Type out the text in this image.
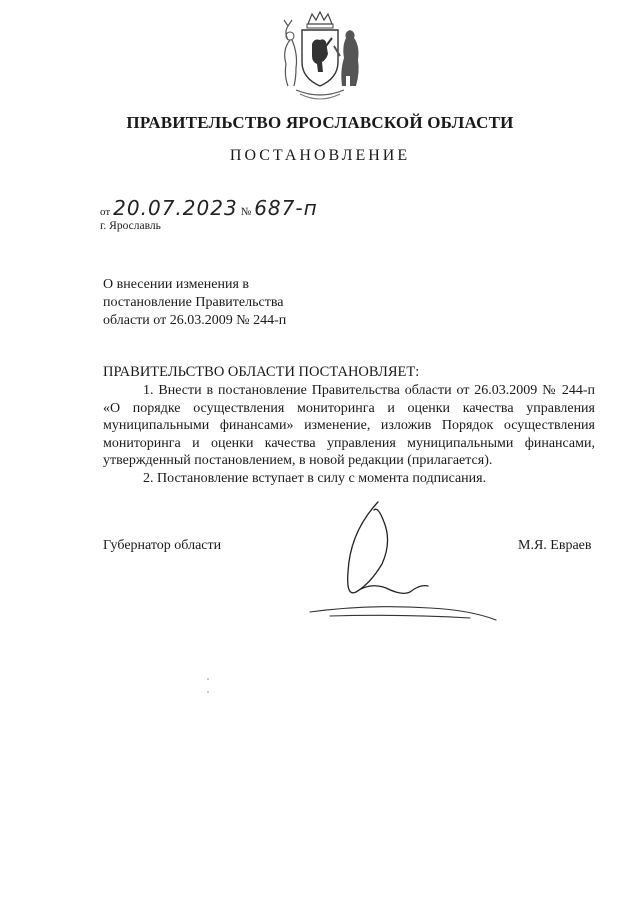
ПРАВИТЕЛЬСТВО ЯРОСЛАВСКОЙ ОБЛАСТИ
ПОСТАНОВЛЕНИЕ
от 20.07.2023 № 687-п
г. Ярославль
О внесении изменения в
постановление Правительства
области от 26.03.2009 № 244-п
ПРАВИТЕЛЬСТВО ОБЛАСТИ ПОСТАНОВЛЯЕТ:

1. Внести в постановление Правительства области от 26.03.2009 № 244-п «О порядке осуществления мониторинга и оценки качества управления муниципальными финансами» изменение, изложив Порядок осуществления мониторинга и оценки качества управления муниципальными финансами, утвержденный постановлением, в новой редакции (прилагается).

2. Постановление вступает в силу с момента подписания.

Губернатор области	М.Я. Евраев
